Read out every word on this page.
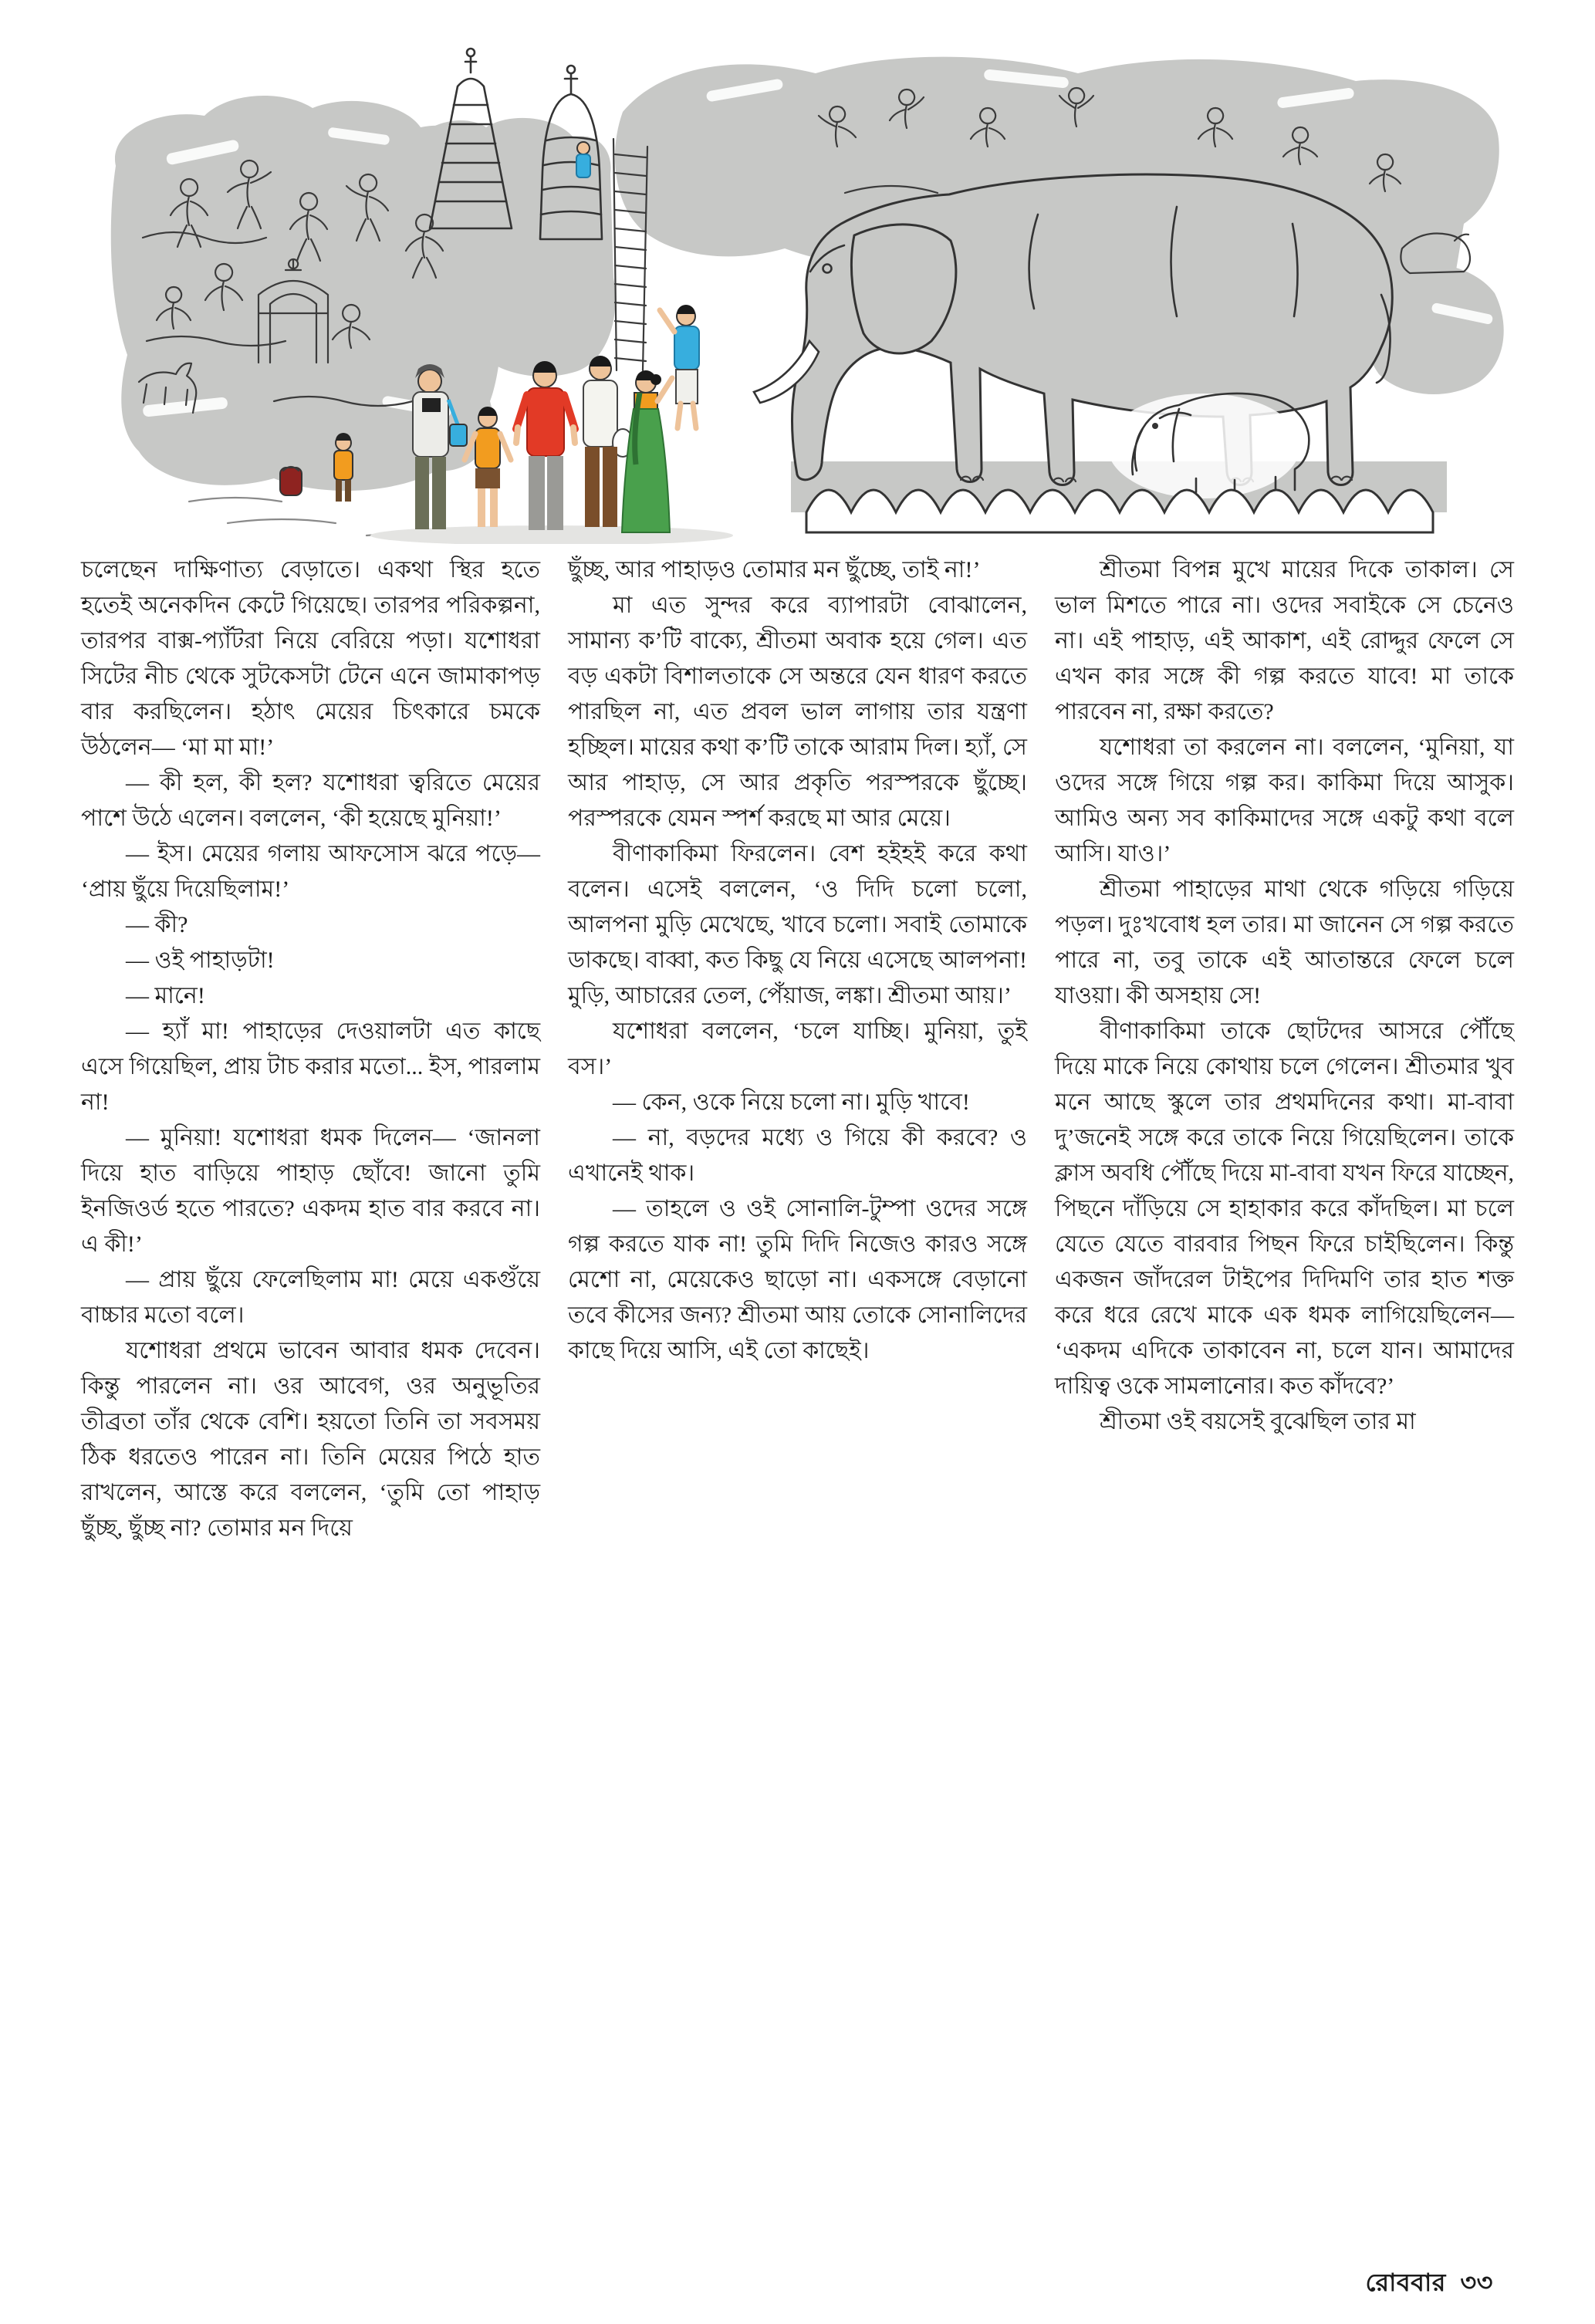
চলেছেন দাক্ষিণাত্য বেড়াতে। একথা স্থির হতে হতেই অনেকদিন কেটে গিয়েছে। তারপর পরিকল্পনা, তারপর বাক্স-প্যাঁটরা নিয়ে বেরিয়ে পড়া। যশোধরা সিটের নীচ থেকে সুটকেসটা টেনে এনে জামাকাপড় বার করছিলেন। হঠাৎ মেয়ের চিৎকারে চমকে উঠলেন— ‘মা মা মা!’

— কী হল, কী হল? যশোধরা ত্বরিতে মেয়ের পাশে উঠে এলেন। বললেন, ‘কী হয়েছে মুনিয়া!’

— ইস। মেয়ের গলায় আফসোস ঝরে পড়ে— ‘প্রায় ছুঁয়ে দিয়েছিলাম!’

— কী?

— ওই পাহাড়টা!

— মানে!

— হ্যাঁ মা! পাহাড়ের দেওয়ালটা এত কাছে এসে গিয়েছিল, প্রায় টাচ করার মতো... ইস, পারলাম না!

— মুনিয়া! যশোধরা ধমক দিলেন— ‘জানলা দিয়ে হাত বাড়িয়ে পাহাড় ছোঁবে! জানো তুমি ইনজিওর্ড হতে পারতে? একদম হাত বার করবে না। এ কী!’

— প্রায় ছুঁয়ে ফেলেছিলাম মা! মেয়ে একগুঁয়ে বাচ্চার মতো বলে।

যশোধরা প্রথমে ভাবেন আবার ধমক দেবেন। কিন্তু পারলেন না। ওর আবেগ, ওর অনুভূতির তীব্রতা তাঁর থেকে বেশি। হয়তো তিনি তা সবসময় ঠিক ধরতেও পারেন না। তিনি মেয়ের পিঠে হাত রাখলেন, আস্তে করে বললেন, ‘তুমি তো পাহাড় ছুঁচ্ছ, ছুঁচ্ছ না? তোমার মন দিয়ে

ছুঁচ্ছ, আর পাহাড়ও তোমার মন ছুঁচ্ছে, তাই না!’

মা এত সুন্দর করে ব্যাপারটা বোঝালেন, সামান্য ক’টি বাক্যে, শ্রীতমা অবাক হয়ে গেল। এত বড় একটা বিশালতাকে সে অন্তরে যেন ধারণ করতে পারছিল না, এত প্রবল ভাল লাগায় তার যন্ত্রণা হচ্ছিল। মায়ের কথা ক’টি তাকে আরাম দিল। হ্যাঁ, সে আর পাহাড়, সে আর প্রকৃতি পরস্পরকে ছুঁচ্ছে। পরস্পরকে যেমন স্পর্শ করছে মা আর মেয়ে।

বীণাকাকিমা ফিরলেন। বেশ হইহই করে কথা বলেন। এসেই বললেন, ‘ও দিদি চলো চলো, আলপনা মুড়ি মেখেছে, খাবে চলো। সবাই তোমাকে ডাকছে। বাব্বা, কত কিছু যে নিয়ে এসেছে আলপনা! মুড়ি, আচারের তেল, পেঁয়াজ, লঙ্কা। শ্রীতমা আয়।’

যশোধরা বললেন, ‘চলে যাচ্ছি। মুনিয়া, তুই বস।’

— কেন, ওকে নিয়ে চলো না। মুড়ি খাবে!

— না, বড়দের মধ্যে ও গিয়ে কী করবে? ও এখানেই থাক।

— তাহলে ও ওই সোনালি-টুম্পা ওদের সঙ্গে গল্প করতে যাক না! তুমি দিদি নিজেও কারও সঙ্গে মেশো না, মেয়েকেও ছাড়ো না। একসঙ্গে বেড়ানো তবে কীসের জন্য? শ্রীতমা আয় তোকে সোনালিদের কাছে দিয়ে আসি, এই তো কাছেই।

শ্রীতমা বিপন্ন মুখে মায়ের দিকে তাকাল। সে ভাল মিশতে পারে না। ওদের সবাইকে সে চেনেও না। এই পাহাড়, এই আকাশ, এই রোদ্দুর ফেলে সে এখন কার সঙ্গে কী গল্প করতে যাবে! মা তাকে পারবেন না, রক্ষা করতে?

যশোধরা তা করলেন না। বললেন, ‘মুনিয়া, যা ওদের সঙ্গে গিয়ে গল্প কর। কাকিমা দিয়ে আসুক। আমিও অন্য সব কাকিমাদের সঙ্গে একটু কথা বলে আসি। যাও।’

শ্রীতমা পাহাড়ের মাথা থেকে গড়িয়ে গড়িয়ে পড়ল। দুঃখবোধ হল তার। মা জানেন সে গল্প করতে পারে না, তবু তাকে এই আতান্তরে ফেলে চলে যাওয়া। কী অসহায় সে!

বীণাকাকিমা তাকে ছোটদের আসরে পৌঁছে দিয়ে মাকে নিয়ে কোথায় চলে গেলেন। শ্রীতমার খুব মনে আছে স্কুলে তার প্রথমদিনের কথা। মা-বাবা দু’জনেই সঙ্গে করে তাকে নিয়ে গিয়েছিলেন। তাকে ক্লাস অবধি পৌঁছে দিয়ে মা-বাবা যখন ফিরে যাচ্ছেন, পিছনে দাঁড়িয়ে সে হাহাকার করে কাঁদছিল। মা চলে যেতে যেতে বারবার পিছন ফিরে চাইছিলেন। কিন্তু একজন জাঁদরেল টাইপের দিদিমণি তার হাত শক্ত করে ধরে রেখে মাকে এক ধমক লাগিয়েছিলেন— ‘একদম এদিকে তাকাবেন না, চলে যান। আমাদের দায়িত্ব ওকে সামলানোর। কত কাঁদবে?’

শ্রীতমা ওই বয়সেই বুঝেছিল তার মা

রোববার ৩৩
